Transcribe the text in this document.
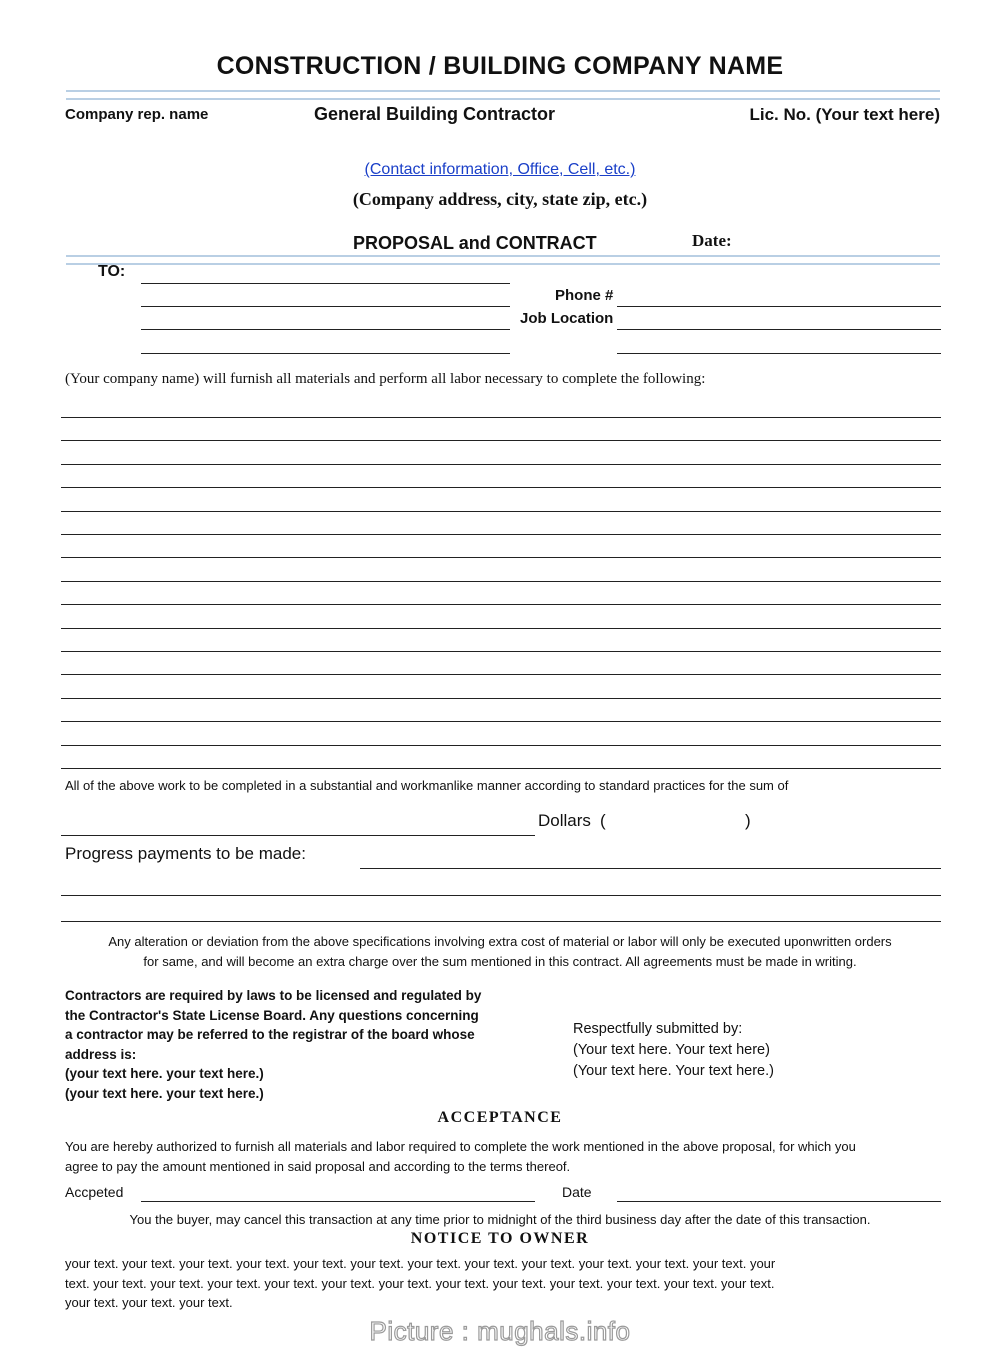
CONSTRUCTION / BUILDING COMPANY NAME
Company rep. name	General Building Contractor	Lic. No. (Your text here)
(Contact information, Office, Cell, etc.)
(Company address, city, state zip, etc.)
PROPOSAL and CONTRACT	Date:
TO:
Phone #
Job Location
(Your company name) will furnish all materials and perform all labor necessary to complete the following:
All of the above work to be completed in a substantial and workmanlike manner according to standard practices for the sum of
Dollars (	)
Progress payments to be made:
Any alteration or deviation from the above specifications involving extra cost of material or labor will only be executed uponwritten orders
for same, and will become an extra charge over the sum mentioned in this contract. All agreements must be made in writing.
Contractors are required by laws to be licensed and regulated by
the Contractor's State License Board. Any questions concerning
a contractor may be referred to the registrar of the board whose
address is:
(your text here. your text here.)
(your text here. your text here.)
Respectfully submitted by:
(Your text here. Your text here)
(Your text here. Your text here.)
ACCEPTANCE
You are hereby authorized to furnish all materials and labor required to complete the work mentioned in the above proposal, for which you
agree to pay the amount mentioned in said proposal and according to the terms thereof.
Accpeted	Date
You the buyer, may cancel this transaction at any time prior to midnight of the third business day after the date of this transaction.
NOTICE TO OWNER
your text. your text. your text. your text. your text. your text. your text. your text. your text. your text. your text. your text. your
text. your text. your text. your text. your text. your text. your text. your text. your text. your text. your text. your text. your text.
your text. your text. your text.
Picture : mughals.info
